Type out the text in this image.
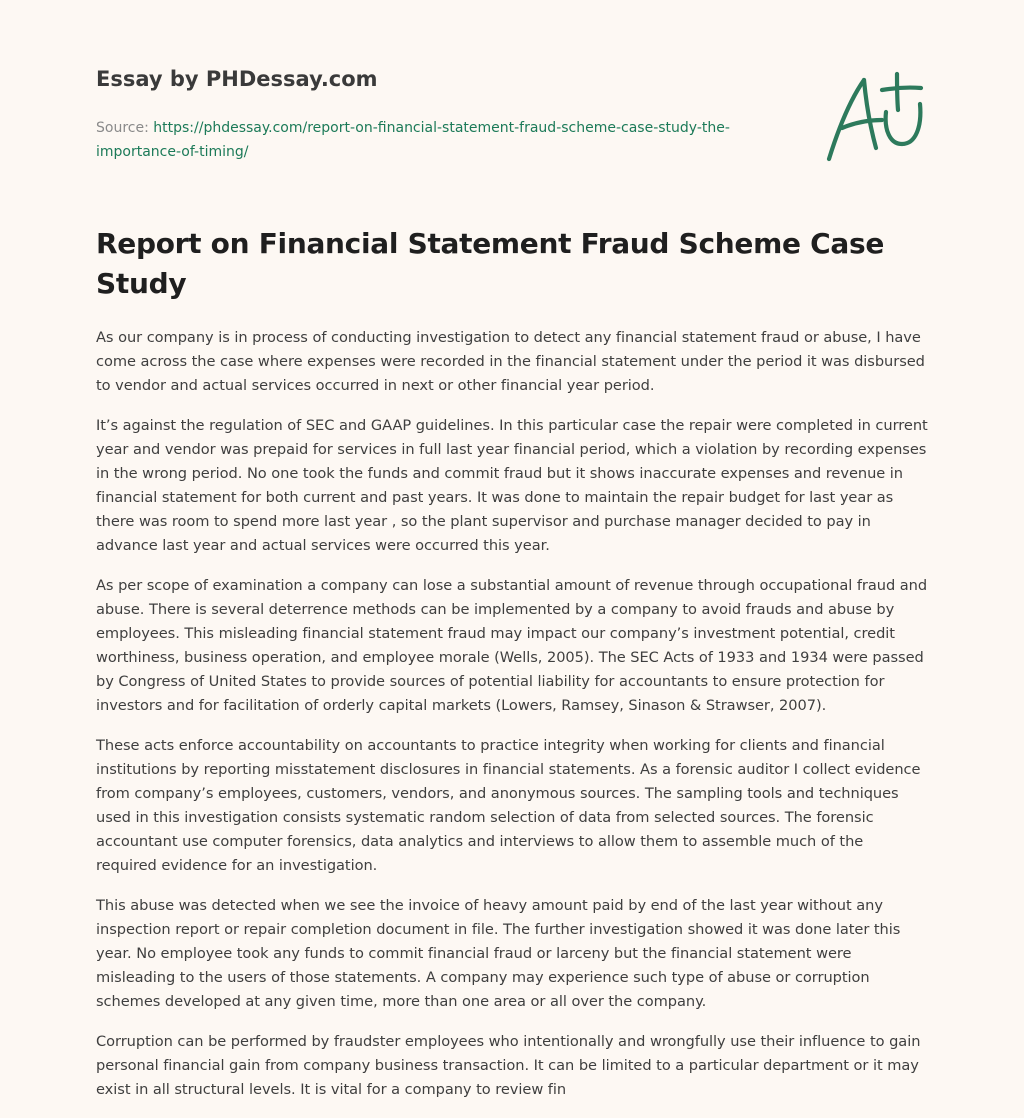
Essay by PHDessay.com
Source: https://phdessay.com/report-on-financial-statement-fraud-scheme-case-study-the-importance-of-timing/
Report on Financial Statement Fraud Scheme Case Study

As our company is in process of conducting investigation to detect any financial statement fraud or abuse, I have come across the case where expenses were recorded in the financial statement under the period it was disbursed to vendor and actual services occurred in next or other financial year period.

It’s against the regulation of SEC and GAAP guidelines. In this particular case the repair were completed in current year and vendor was prepaid for services in full last year financial period, which a violation by recording expenses in the wrong period. No one took the funds and commit fraud but it shows inaccurate expenses and revenue in financial statement for both current and past years. It was done to maintain the repair budget for last year as there was room to spend more last year , so the plant supervisor and purchase manager decided to pay in advance last year and actual services were occurred this year.

As per scope of examination a company can lose a substantial amount of revenue through occupational fraud and abuse. There is several deterrence methods can be implemented by a company to avoid frauds and abuse by employees. This misleading financial statement fraud may impact our company’s investment potential, credit worthiness, business operation, and employee morale (Wells, 2005). The SEC Acts of 1933 and 1934 were passed by Congress of United States to provide sources of potential liability for accountants to ensure protection for investors and for facilitation of orderly capital markets (Lowers, Ramsey, Sinason & Strawser, 2007).

These acts enforce accountability on accountants to practice integrity when working for clients and financial institutions by reporting misstatement disclosures in financial statements. As a forensic auditor I collect evidence from company’s employees, customers, vendors, and anonymous sources. The sampling tools and techniques used in this investigation consists systematic random selection of data from selected sources. The forensic accountant use computer forensics, data analytics and interviews to allow them to assemble much of the required evidence for an investigation.

This abuse was detected when we see the invoice of heavy amount paid by end of the last year without any inspection report or repair completion document in file. The further investigation showed it was done later this year. No employee took any funds to commit financial fraud or larceny but the financial statement were misleading to the users of those statements. A company may experience such type of abuse or corruption schemes developed at any given time, more than one area or all over the company.

Corruption can be performed by fraudster employees who intentionally and wrongfully use their influence to gain personal financial gain from company business transaction. It can be limited to a particular department or it may exist in all structural levels. It is vital for a company to review fin
